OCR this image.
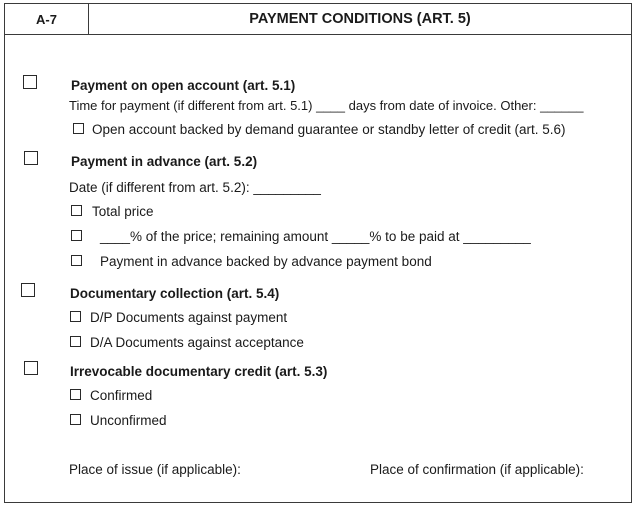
A-7	PAYMENT CONDITIONS (ART. 5)
Payment on open account (art. 5.1)
Time for payment (if different from art. 5.1) ____ days from date of invoice. Other: ______
Open account backed by demand guarantee or standby letter of credit (art. 5.6)
Payment in advance (art. 5.2)
Date (if different from art. 5.2): _________
Total price
____% of the price; remaining amount _____% to be paid at _________
Payment in advance backed by advance payment bond
Documentary collection (art. 5.4)
D/P Documents against payment
D/A Documents against acceptance
Irrevocable documentary credit (art. 5.3)
Confirmed
Unconfirmed
Place of issue (if applicable):	Place of confirmation (if applicable):
